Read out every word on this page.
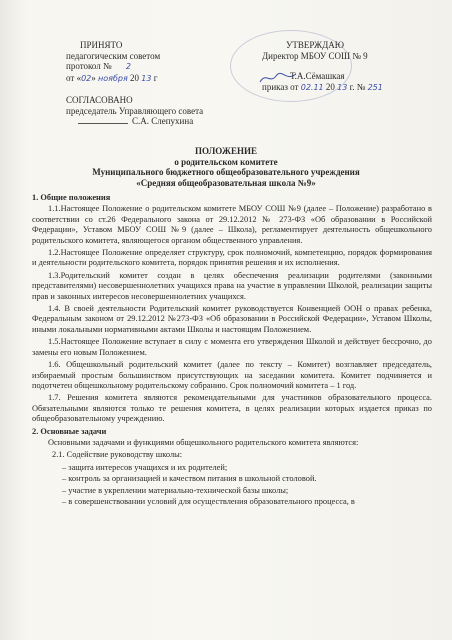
ПРИНЯТО
педагогическим советом
протокол № 2
от «02» ноября 20 13 г
УТВЕРЖДАЮ
Директор МБОУ СОШ № 9
Т.А.Сёмашкая
приказ от 02.11 20 13 г. № 251
СОГЛАСОВАНО
председатель Управляющего совета
С.А. Слепухина
ПОЛОЖЕНИЕ
о родительском комитете
Муниципального бюджетного общеобразовательного учреждения
«Средняя общеобразовательная школа №9»

1. Общие положения

1.1.Настоящее Положение о родительском комитете МБОУ СОШ №9 (далее – Положение) разработано в соответствии со ст.26 Федерального закона от 29.12.2012 № 273-ФЗ «Об образовании в Российской Федерации», Уставом МБОУ СОШ №9 (далее – Школа), регламентирует деятельность общешкольного родительского комитета, являющегося органом общественного управления.

1.2.Настоящее Положение определяет структуру, срок полномочий, компетенцию, порядок формирования и деятельности родительского комитета, порядок принятия решения и их исполнения.

1.3.Родительский комитет создан в целях обеспечения реализации родителями (законными представителями) несовершеннолетних учащихся права на участие в управлении Школой, реализации защиты прав и законных интересов несовершеннолетних учащихся.

1.4. В своей деятельности Родительский комитет руководствуется Конвенцией ООН о правах ребенка, Федеральным законом от 29.12.2012 №273-ФЗ «Об образовании в Российской Федерации», Уставом Школы, иными локальными нормативными актами Школы и настоящим Положением.

1.5.Настоящее Положение вступает в силу с момента его утверждения Школой и действует бессрочно, до замены его новым Положением.

1.6. Общешкольный родительский комитет (далее по тексту – Комитет) возглавляет председатель, избираемый простым большинством присутствующих на заседании комитета. Комитет подчиняется и подотчетен общешкольному родительскому собранию. Срок полномочий комитета – 1 год.

1.7. Решения комитета являются рекомендательными для участников образовательного процесса. Обязательными являются только те решения комитета, в целях реализации которых издается приказ по общеобразовательному учреждению.

2. Основные задачи

Основными задачами и функциями общешкольного родительского комитета являются:

2.1. Содействие руководству школы:

– защита интересов учащихся и их родителей;

– контроль за организацией и качеством питания в школьной столовой.

– участие в укреплении материально-технической базы школы;

– в совершенствовании условий для осуществления образовательного процесса, в
